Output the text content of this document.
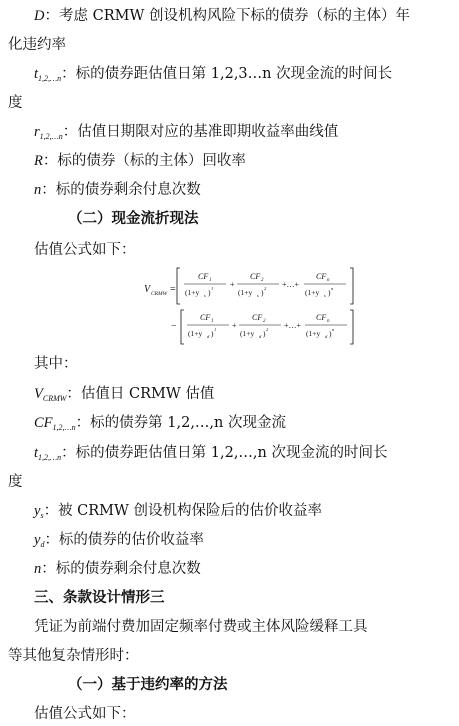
D：考虑 CRMW 创设机构风险下标的债券（标的主体）年
化违约率
$t_{1,2,\dots n}$：标的债券距估值日第 1,2,3…n 次现金流的时间长
度
$r_{1,2,\dots n}$：估值日期限对应的基准即期收益率曲线值
R：标的债券（标的主体）回收率
n：标的债券剩余付息次数
（二）现金流折现法
估值公式如下：
V CRMW =
CF 1
(1+y s ) 1 +
CF 2
(1+y s ) 2 +…+
CF n
(1+y s ) n
−
CF 1
(1+y d ) 1 +
CF 2
(1+y d ) 2 +…+
CF n
(1+y d ) n
其中：
$V_{CRMW}$：估值日 CRMW 估值
$CF_{1,2,\dots n}$：标的债券第 1,2,…,n 次现金流
$t_{1,2,\dots n}$：标的债券距估值日第 1,2,…,n 次现金流的时间长
度
$y_s$：被 CRMW 创设机构保险后的估价收益率
$y_d$：标的债券的估价收益率
n：标的债券剩余付息次数
三、条款设计情形三
凭证为前端付费加固定频率付费或主体风险缓释工具
等其他复杂情形时：
（一）基于违约率的方法
估值公式如下：
